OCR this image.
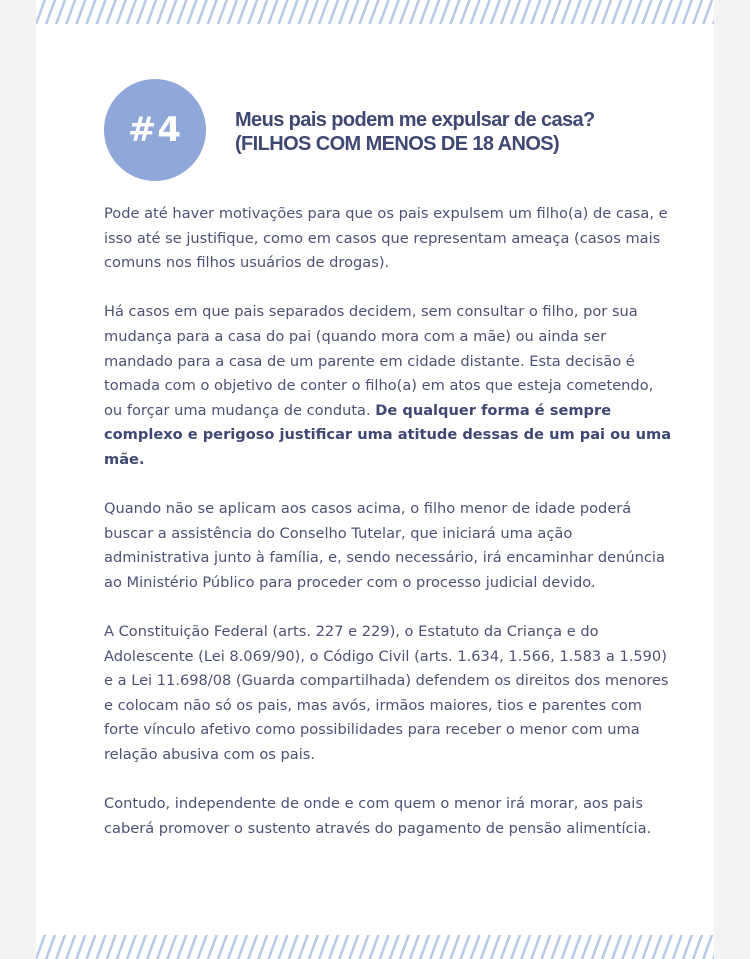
#4	Meus pais podem me expulsar de casa?
(FILHOS COM MENOS DE 18 ANOS)

Pode até haver motivações para que os pais expulsem um filho(a) de casa, e isso até se justifique, como em casos que representam ameaça (casos mais comuns nos filhos usuários de drogas).

Há casos em que pais separados decidem, sem consultar o filho, por sua mudança para a casa do pai (quando mora com a mãe) ou ainda ser mandado para a casa de um parente em cidade distante. Esta decisão é tomada com o objetivo de conter o filho(a) em atos que esteja cometendo, ou forçar uma mudança de conduta. De qualquer forma é sempre complexo e perigoso justificar uma atitude dessas de um pai ou uma mãe.

Quando não se aplicam aos casos acima, o filho menor de idade poderá buscar a assistência do Conselho Tutelar, que iniciará uma ação administrativa junto à família, e, sendo necessário, irá encaminhar denúncia ao Ministério Público para proceder com o processo judicial devido.

A Constituição Federal (arts. 227 e 229), o Estatuto da Criança e do Adolescente (Lei 8.069/90), o Código Civil (arts. 1.634, 1.566, 1.583 a 1.590) e a Lei 11.698/08 (Guarda compartilhada) defendem os direitos dos menores e colocam não só os pais, mas avós, irmãos maiores, tios e parentes com forte vínculo afetivo como possibilidades para receber o menor com uma relação abusiva com os pais.

Contudo, independente de onde e com quem o menor irá morar, aos pais caberá promover o sustento através do pagamento de pensão alimentícia.
